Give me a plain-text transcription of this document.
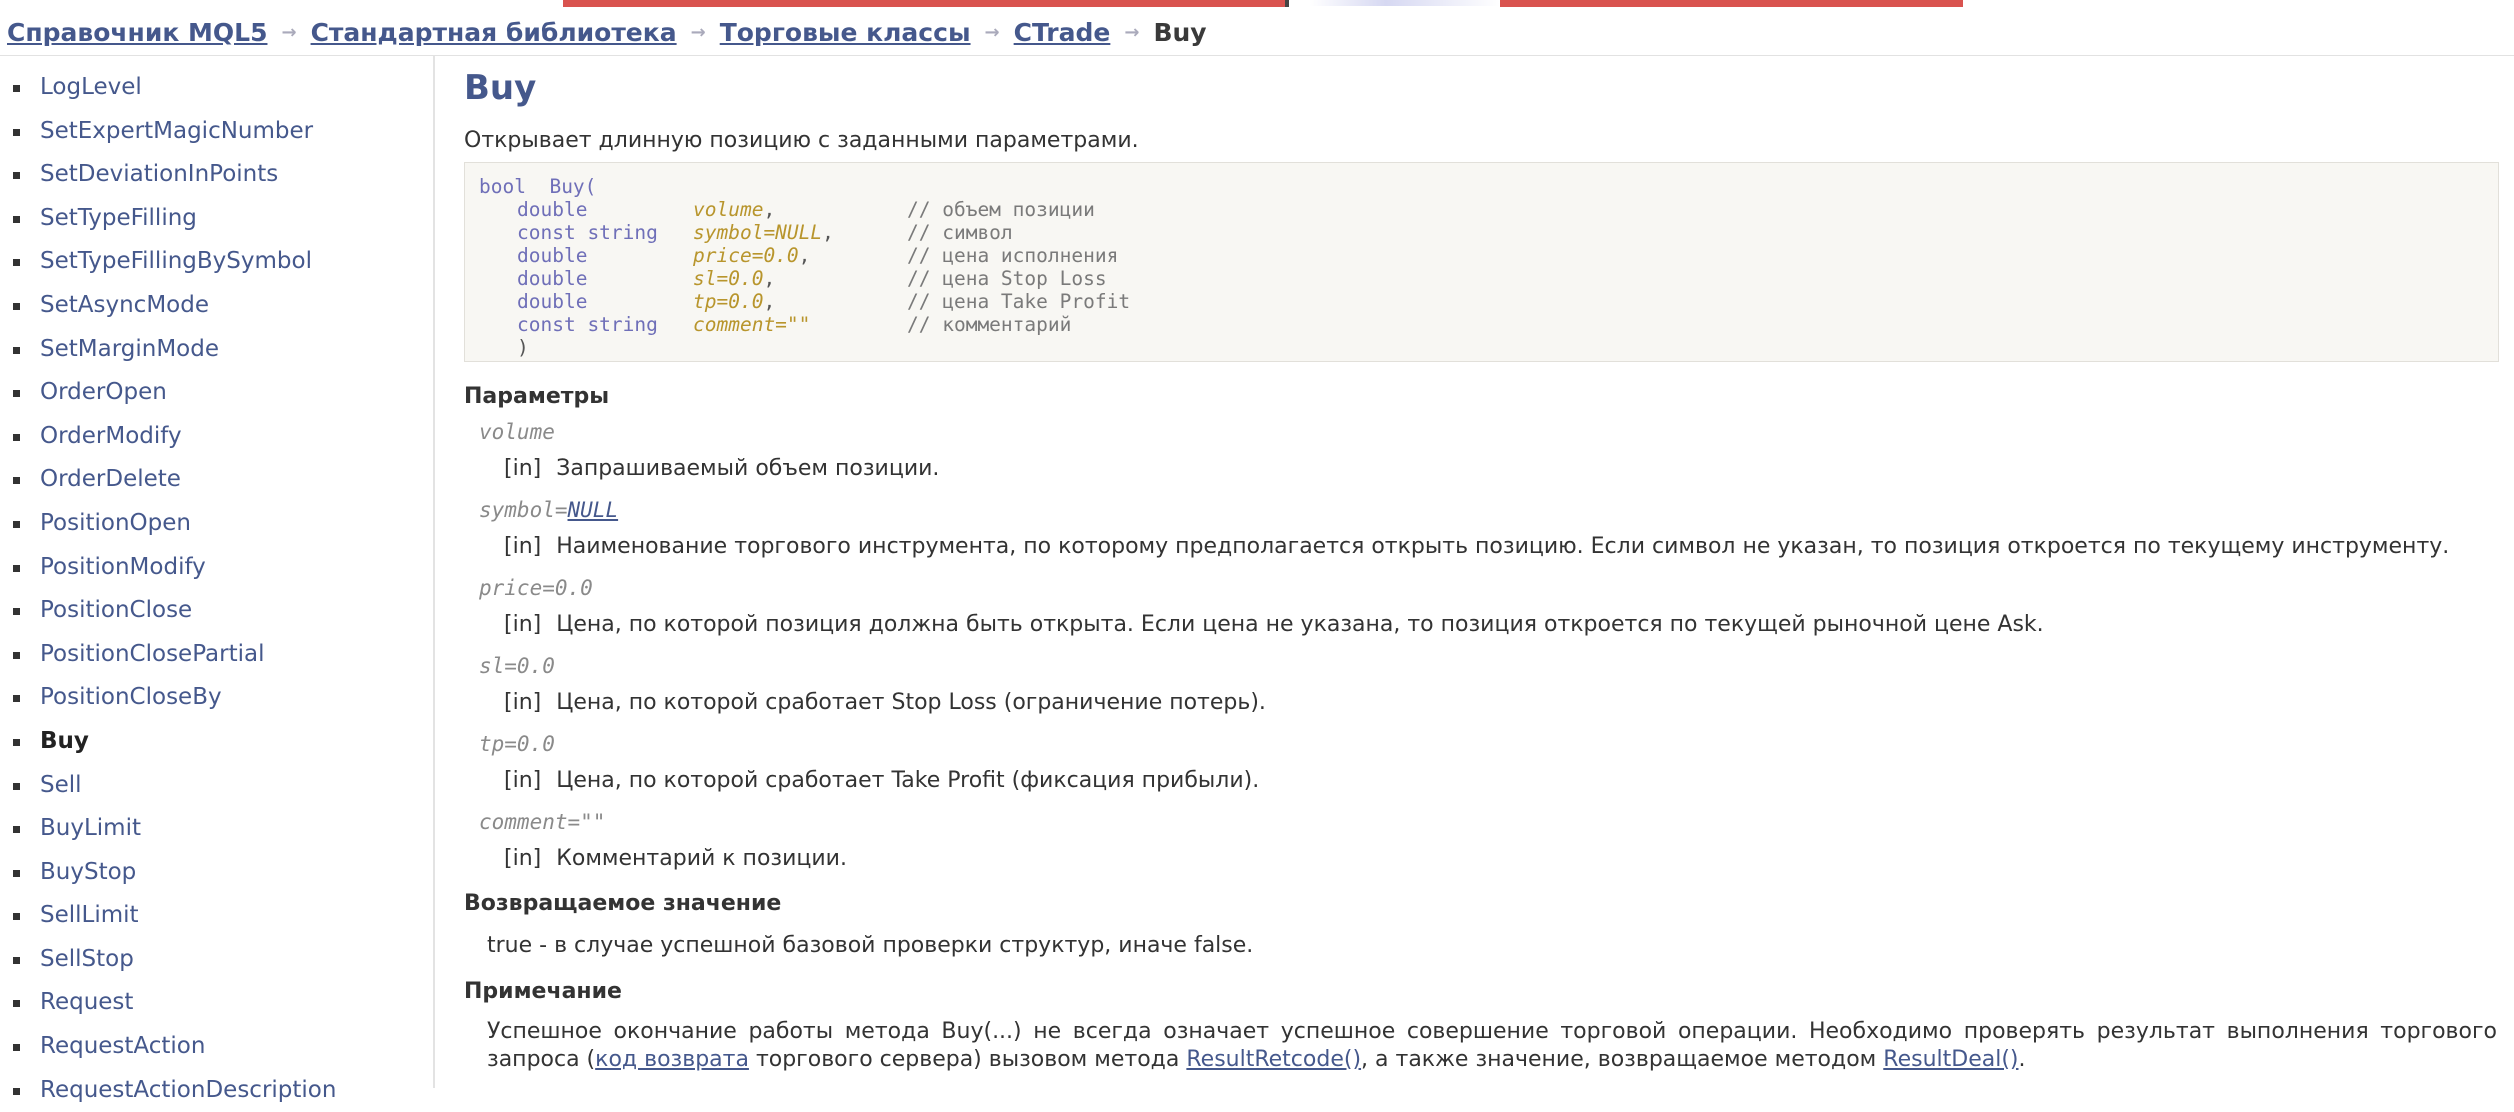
Справочник MQL5 → Стандартная библиотека → Торговые классы → CTrade → Buy
LogLevel
SetExpertMagicNumber
SetDeviationInPoints
SetTypeFilling
SetTypeFillingBySymbol
SetAsyncMode
SetMarginMode
OrderOpen
OrderModify
OrderDelete
PositionOpen
PositionModify
PositionClose
PositionClosePartial
PositionCloseBy
Buy
Sell
BuyLimit
BuyStop
SellLimit
SellStop
Request
RequestAction
RequestActionDescription
Buy
Открывает длинную позицию с заданными параметрами.
bool Buy(
double	volume,	// объем позиции
const string symbol=NULL,	// символ
double	price=0.0,	// цена исполнения
double	sl=0.0,	// цена Stop Loss
double	tp=0.0,	// цена Take Profit
const string comment=""	// комментарий
)
Параметры
volume
[in] Запрашиваемый объем позиции.
symbol=NULL
[in] Наименование торгового инструмента, по которому предполагается открыть позицию. Если символ не указан, то позиция откроется по текущему инструменту.
price=0.0
[in] Цена, по которой позиция должна быть открыта. Если цена не указана, то позиция откроется по текущей рыночной цене Ask.
sl=0.0
[in] Цена, по которой сработает Stop Loss (ограничение потерь).
tp=0.0
[in] Цена, по которой сработает Take Profit (фиксация прибыли).
comment=""
[in] Комментарий к позиции.
Возвращаемое значение
true - в случае успешной базовой проверки структур, иначе false.
Примечание
Успешное окончание работы метода Buy(...) не всегда означает успешное совершение торговой операции. Необходимо проверять результат выполнения торгового запроса (код возврата торгового сервера) вызовом метода ResultRetcode(), а также значение, возвращаемое методом ResultDeal().
